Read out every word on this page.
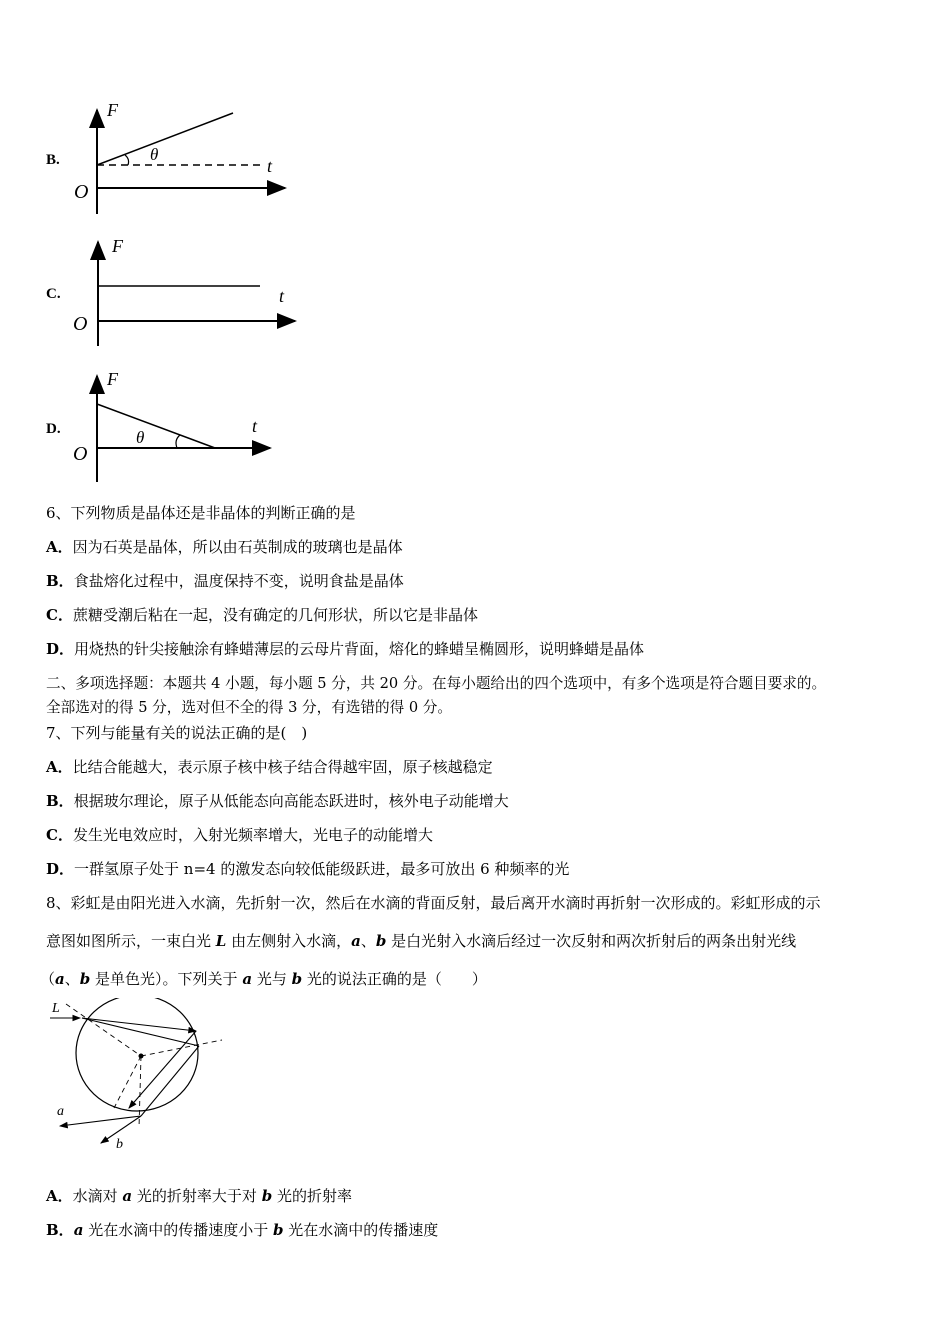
B.
F
t
O
θ
C.
F
t
O
D.
F
t
O
θ
6、下列物质是晶体还是非晶体的判断正确的是
A．因为石英是晶体，所以由石英制成的玻璃也是晶体
B．食盐熔化过程中，温度保持不变，说明食盐是晶体
C．蔗糖受潮后粘在一起，没有确定的几何形状，所以它是非晶体
D．用烧热的针尖接触涂有蜂蜡薄层的云母片背面，熔化的蜂蜡呈椭圆形，说明蜂蜡是晶体
二、多项选择题：本题共 4 小题，每小题 5 分，共 20 分。在每小题给出的四个选项中，有多个选项是符合题目要求的。
全部选对的得 5 分，选对但不全的得 3 分，有选错的得 0 分。
7、下列与能量有关的说法正确的是(　)
A．比结合能越大，表示原子核中核子结合得越牢固，原子核越稳定
B．根据玻尔理论，原子从低能态向高能态跃进时，核外电子动能增大
C．发生光电效应时，入射光频率增大，光电子的动能增大
D．一群氢原子处于 n=4 的激发态向较低能级跃进，最多可放出 6 种频率的光
8、彩虹是由阳光进入水滴，先折射一次，然后在水滴的背面反射，最后离开水滴时再折射一次形成的。彩虹形成的示
意图如图所示，一束白光 L 由左侧射入水滴，a、b 是白光射入水滴后经过一次反射和两次折射后的两条出射光线
（a、b 是单色光）。下列关于 a 光与 b 光的说法正确的是（　　）
L
a
b
A．水滴对 a 光的折射率大于对 b 光的折射率
B．a 光在水滴中的传播速度小于 b 光在水滴中的传播速度
